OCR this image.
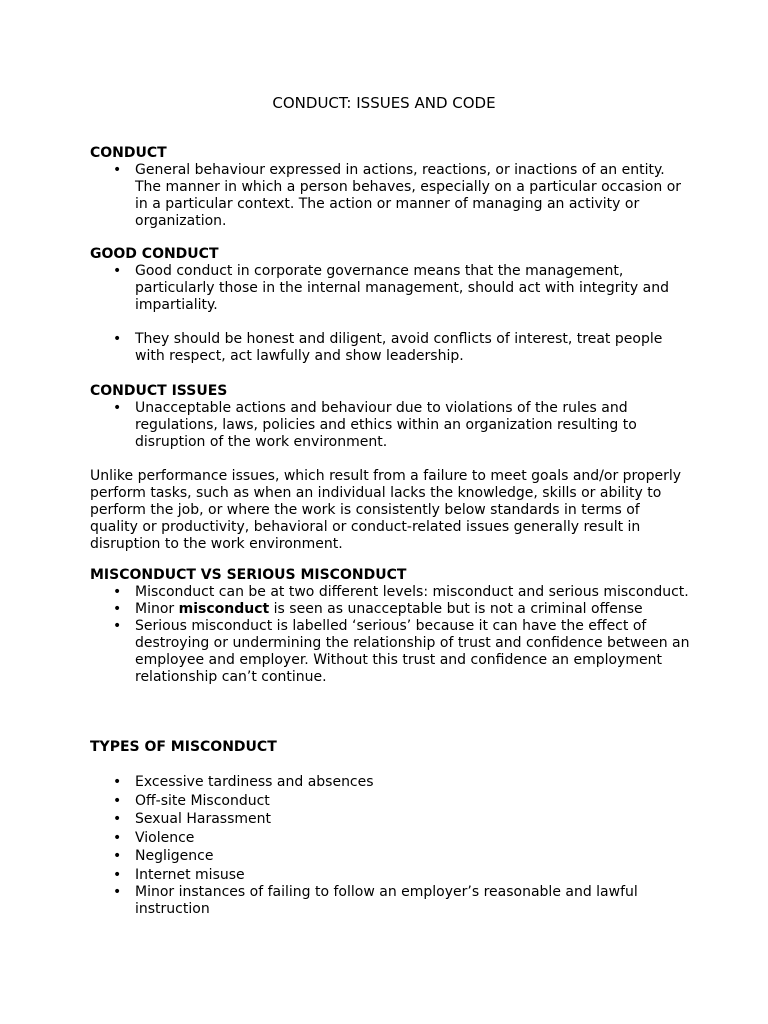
CONDUCT: ISSUES AND CODE

CONDUCT

• General behaviour expressed in actions, reactions, or inactions of an entity. The manner in which a person behaves, especially on a particular occasion or in a particular context. The action or manner of managing an activity or organization.

GOOD CONDUCT

• Good conduct in corporate governance means that the management, particularly those in the internal management, should act with integrity and impartiality.
• They should be honest and diligent, avoid conflicts of interest, treat people with respect, act lawfully and show leadership.

CONDUCT ISSUES

• Unacceptable actions and behaviour due to violations of the rules and regulations, laws, policies and ethics within an organization resulting to disruption of the work environment.

Unlike performance issues, which result from a failure to meet goals and/or properly perform tasks, such as when an individual lacks the knowledge, skills or ability to perform the job, or where the work is consistently below standards in terms of quality or productivity, behavioral or conduct-related issues generally result in disruption to the work environment.

MISCONDUCT VS SERIOUS MISCONDUCT

• Misconduct can be at two different levels: misconduct and serious misconduct.
• Minor misconduct is seen as unacceptable but is not a criminal offense
• Serious misconduct is labelled ‘serious’ because it can have the effect of destroying or undermining the relationship of trust and confidence between an employee and employer. Without this trust and confidence an employment relationship can’t continue.

TYPES OF MISCONDUCT

• Excessive tardiness and absences
• Off-site Misconduct
• Sexual Harassment
• Violence
• Negligence
• Internet misuse
• Minor instances of failing to follow an employer’s reasonable and lawful instruction
